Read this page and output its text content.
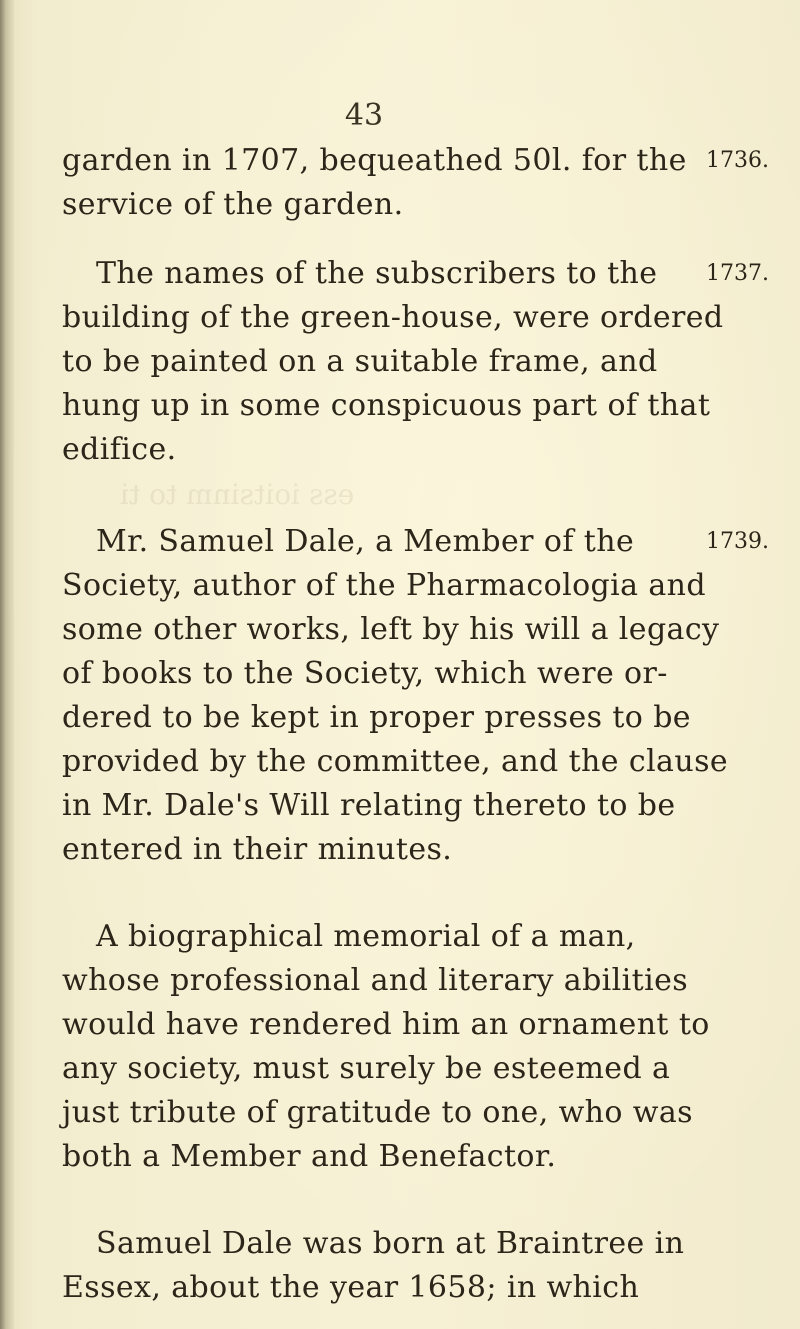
43
garden in 1707, bequeathed 50l. for the 1736.
service of the garden.
The names of the subscribers to the 1737.
building of the green-house, were ordered
to be painted on a suitable frame, and
hung up in some conspicuous part of that
edifice.
ess ioitsinm to ti
Mr. Samuel Dale, a Member of the	1739.
Society, author of the Pharmacologia and
some other works, left by his will a legacy
of books to the Society, which were or-
dered to be kept in proper presses to be
provided by the committee, and the clause
in Mr. Dale's Will relating thereto to be
entered in their minutes.
A biographical memorial of a man,
whose professional and literary abilities
would have rendered him an ornament to
any society, must surely be esteemed a
just tribute of gratitude to one, who was
both a Member and Benefactor.
Samuel Dale was born at Braintree in
Essex, about the year 1658; in which
